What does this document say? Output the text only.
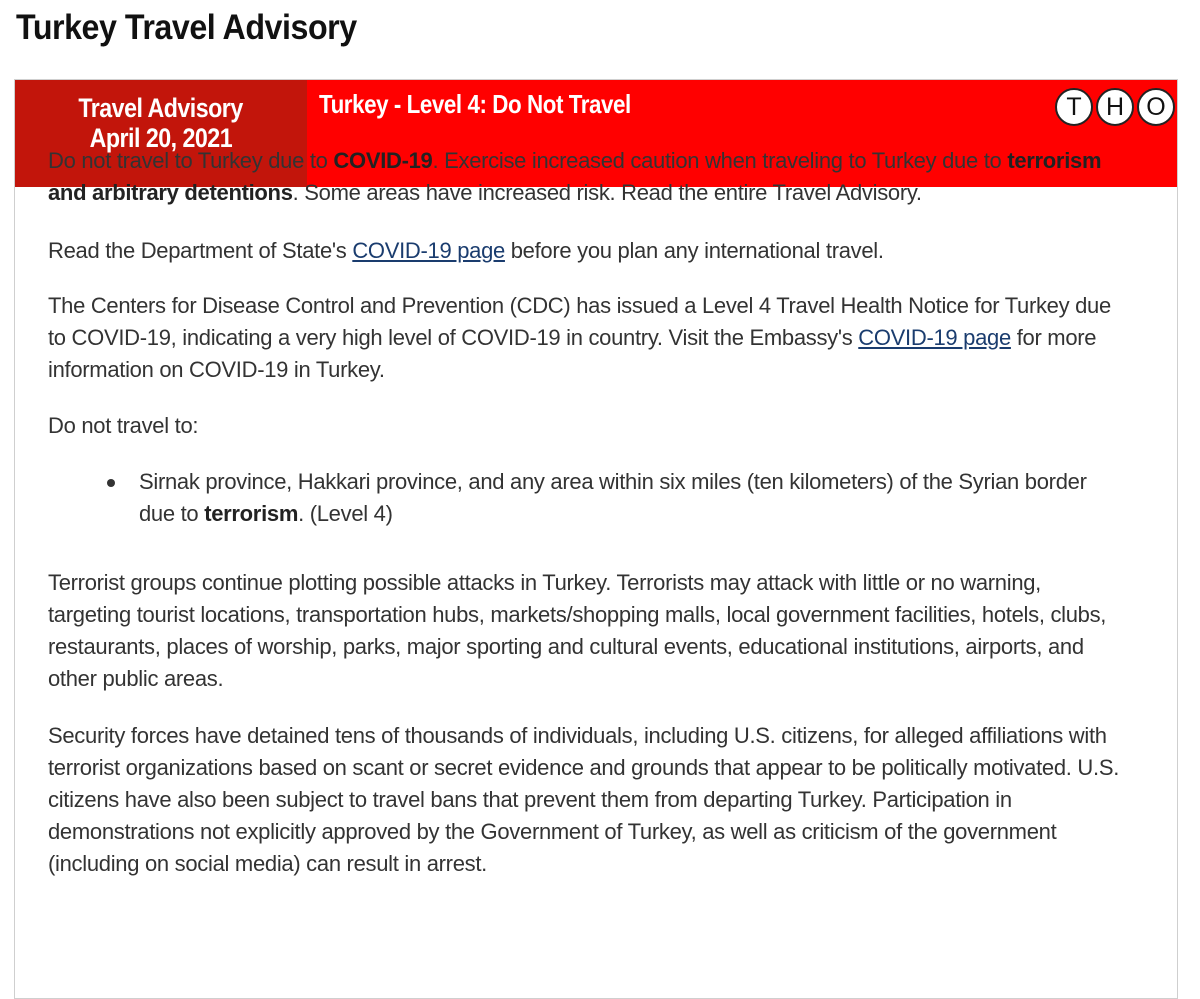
Turkey Travel Advisory
Travel Advisory
April 20, 2021
Turkey - Level 4: Do Not Travel	T H O

Do not travel to Turkey due to COVID-19. Exercise increased caution when traveling to Turkey due to terrorism and arbitrary detentions. Some areas have increased risk. Read the entire Travel Advisory.

Read the Department of State's COVID-19 page before you plan any international travel.

The Centers for Disease Control and Prevention (CDC) has issued a Level 4 Travel Health Notice for Turkey due to COVID-19, indicating a very high level of COVID-19 in country. Visit the Embassy's COVID-19 page for more information on COVID-19 in Turkey.

Do not travel to:

Sirnak province, Hakkari province, and any area within six miles (ten kilometers) of the Syrian border due to terrorism. (Level 4)

Terrorist groups continue plotting possible attacks in Turkey. Terrorists may attack with little or no warning, targeting tourist locations, transportation hubs, markets/shopping malls, local government facilities, hotels, clubs, restaurants, places of worship, parks, major sporting and cultural events, educational institutions, airports, and other public areas.

Security forces have detained tens of thousands of individuals, including U.S. citizens, for alleged affiliations with terrorist organizations based on scant or secret evidence and grounds that appear to be politically motivated. U.S. citizens have also been subject to travel bans that prevent them from departing Turkey. Participation in demonstrations not explicitly approved by the Government of Turkey, as well as criticism of the government (including on social media) can result in arrest.
